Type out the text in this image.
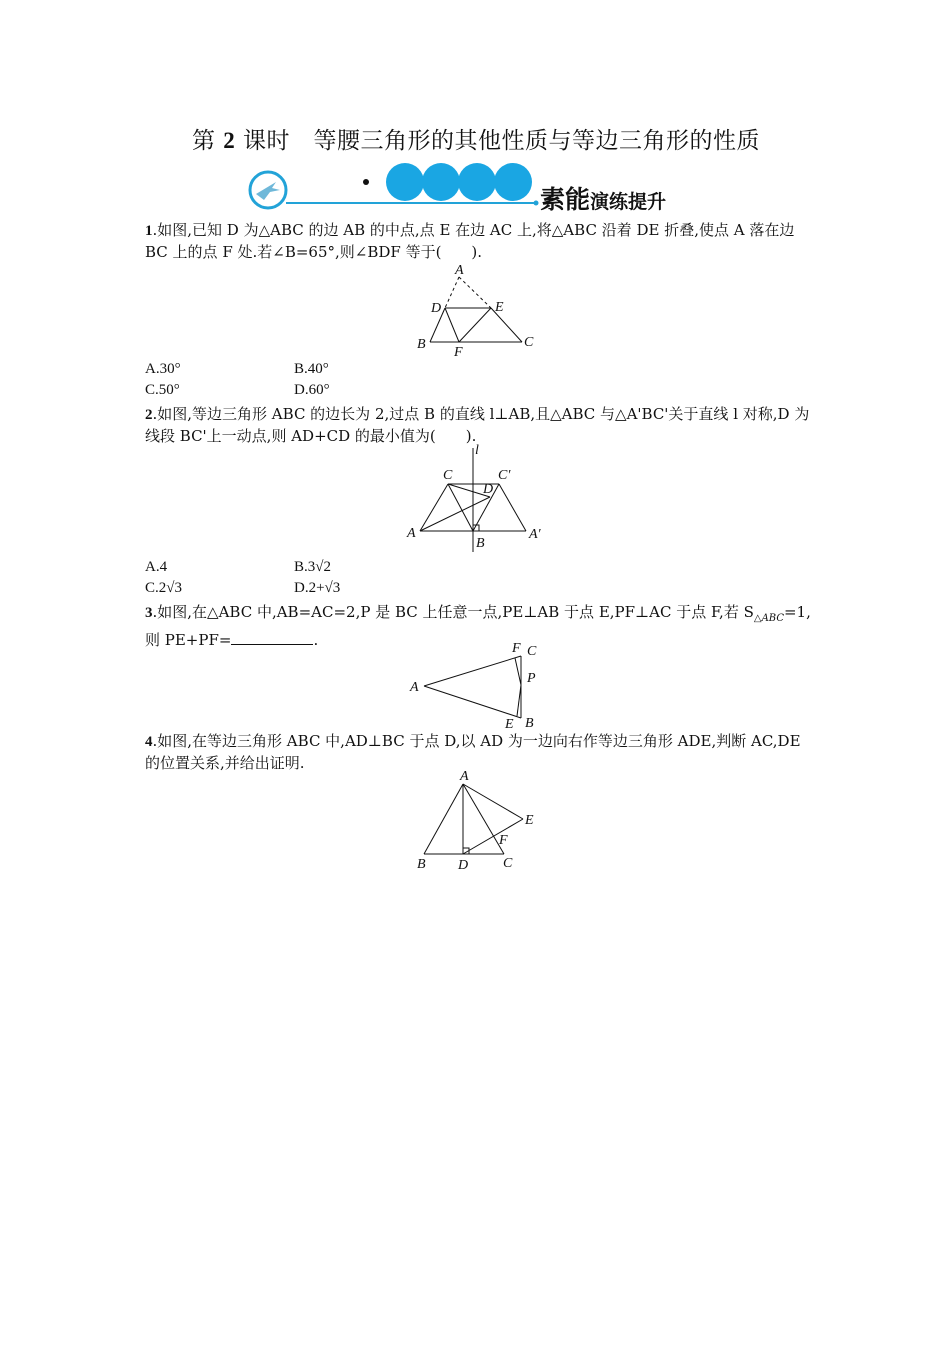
第 2 课时　等腰三角形的其他性质与等边三角形的性质
素能演练提升
1.如图,已知 D 为△ABC 的边 AB 的中点,点 E 在边 AC 上,将△ABC 沿着 DE 折叠,使点 A 落在边 BC 上的点 F 处.若∠B=65°,则∠BDF 等于(　　).
A
D	E
B
F
C
A.30°	B.40°
C.50°	D.60°
2.如图,等边三角形 ABC 的边长为 2,过点 B 的直线 l⊥AB,且△ABC 与△A'BC'关于直线 l 对称,D 为线段 BC'上一动点,则 AD+CD 的最小值为(　　).
l
C	C′
D
A
B
A′
A.4	B.3√2
C.2√3	D.2+√3
3.如图,在△ABC 中,AB=AC=2,P 是 BC 上任意一点,PE⊥AB 于点 E,PF⊥AC 于点 F,若 $S_{\triangle ABC}=1$,则 PE+PF=	.	F C
A
P
E B
4.如图,在等边三角形 ABC 中,AD⊥BC 于点 D,以 AD 为一边向右作等边三角形 ADE,判断 AC,DE 的位置关系,并给出证明.
A
E
F
B D C
